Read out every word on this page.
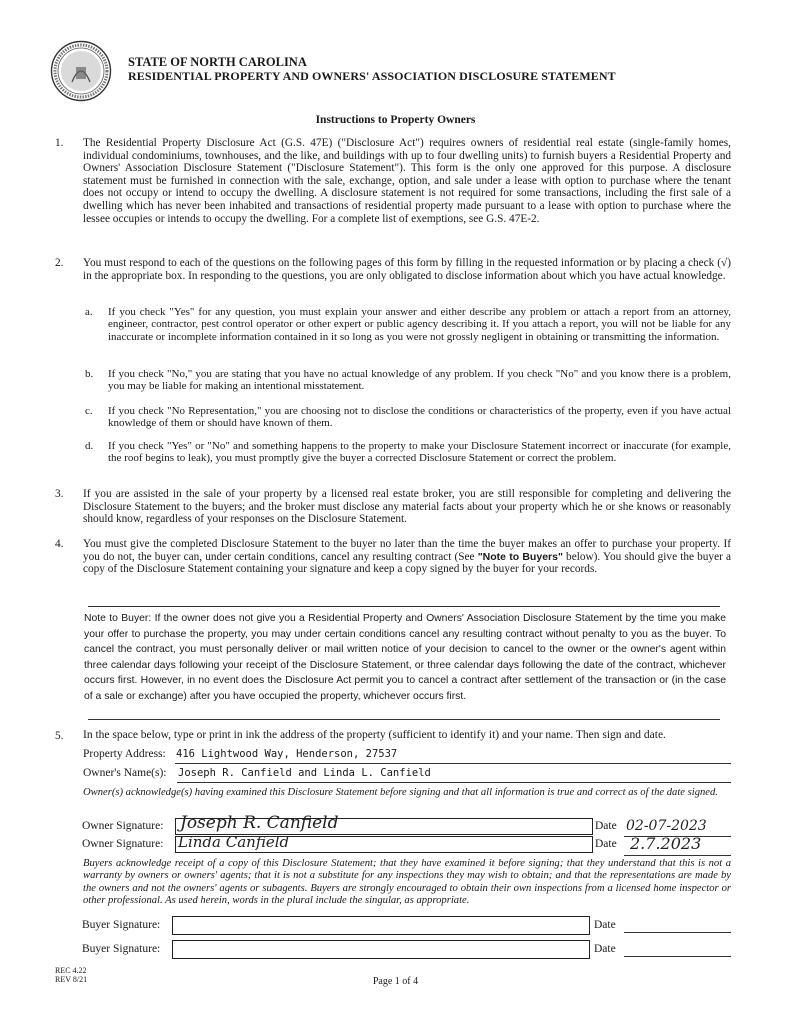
STATE OF NORTH CAROLINA
RESIDENTIAL PROPERTY AND OWNERS' ASSOCIATION DISCLOSURE STATEMENT
Instructions to Property Owners
1. The Residential Property Disclosure Act (G.S. 47E) ("Disclosure Act") requires owners of residential real estate (single-family homes, individual condominiums, townhouses, and the like, and buildings with up to four dwelling units) to furnish buyers a Residential Property and Owners' Association Disclosure Statement ("Disclosure Statement"). This form is the only one approved for this purpose. A disclosure statement must be furnished in connection with the sale, exchange, option, and sale under a lease with option to purchase where the tenant does not occupy or intend to occupy the dwelling. A disclosure statement is not required for some transactions, including the first sale of a dwelling which has never been inhabited and transactions of residential property made pursuant to a lease with option to purchase where the lessee occupies or intends to occupy the dwelling. For a complete list of exemptions, see G.S. 47E-2.
2. You must respond to each of the questions on the following pages of this form by filling in the requested information or by placing a check (√) in the appropriate box. In responding to the questions, you are only obligated to disclose information about which you have actual knowledge.
a. If you check "Yes" for any question, you must explain your answer and either describe any problem or attach a report from an attorney, engineer, contractor, pest control operator or other expert or public agency describing it. If you attach a report, you will not be liable for any inaccurate or incomplete information contained in it so long as you were not grossly negligent in obtaining or transmitting the information.
b. If you check "No," you are stating that you have no actual knowledge of any problem. If you check "No" and you know there is a problem, you may be liable for making an intentional misstatement.
c. If you check "No Representation," you are choosing not to disclose the conditions or characteristics of the property, even if you have actual knowledge of them or should have known of them.
d. If you check "Yes" or "No" and something happens to the property to make your Disclosure Statement incorrect or inaccurate (for example, the roof begins to leak), you must promptly give the buyer a corrected Disclosure Statement or correct the problem.
3. If you are assisted in the sale of your property by a licensed real estate broker, you are still responsible for completing and delivering the Disclosure Statement to the buyers; and the broker must disclose any material facts about your property which he or she knows or reasonably should know, regardless of your responses on the Disclosure Statement.
4. You must give the completed Disclosure Statement to the buyer no later than the time the buyer makes an offer to purchase your property. If you do not, the buyer can, under certain conditions, cancel any resulting contract (See "Note to Buyers" below). You should give the buyer a copy of the Disclosure Statement containing your signature and keep a copy signed by the buyer for your records.
Note to Buyer: If the owner does not give you a Residential Property and Owners' Association Disclosure Statement by the time you make your offer to purchase the property, you may under certain conditions cancel any resulting contract without penalty to you as the buyer. To cancel the contract, you must personally deliver or mail written notice of your decision to cancel to the owner or the owner's agent within three calendar days following your receipt of the Disclosure Statement, or three calendar days following the date of the contract, whichever occurs first. However, in no event does the Disclosure Act permit you to cancel a contract after settlement of the transaction or (in the case of a sale or exchange) after you have occupied the property, whichever occurs first.
5. In the space below, type or print in ink the address of the property (sufficient to identify it) and your name. Then sign and date.
Property Address: 416 Lightwood Way, Henderson, 27537
Owner's Name(s): Joseph R. Canfield and Linda L. Canfield
Owner(s) acknowledge(s) having examined this Disclosure Statement before signing and that all information is true and correct as of the date signed.
Owner Signature: Joseph R. Canfield	Date 02-07-2023
Owner Signature: Linda Canfield	Date 2.7.2023
Buyers acknowledge receipt of a copy of this Disclosure Statement; that they have examined it before signing; that they understand that this is not a warranty by owners or owners' agents; that it is not a substitute for any inspections they may wish to obtain; and that the representations are made by the owners and not the owners' agents or subagents. Buyers are strongly encouraged to obtain their own inspections from a licensed home inspector or other professional. As used herein, words in the plural include the singular, as appropriate.
Buyer Signature:	Date
Buyer Signature:	Date
REC 4.22
REV 8/21	Page 1 of 4
